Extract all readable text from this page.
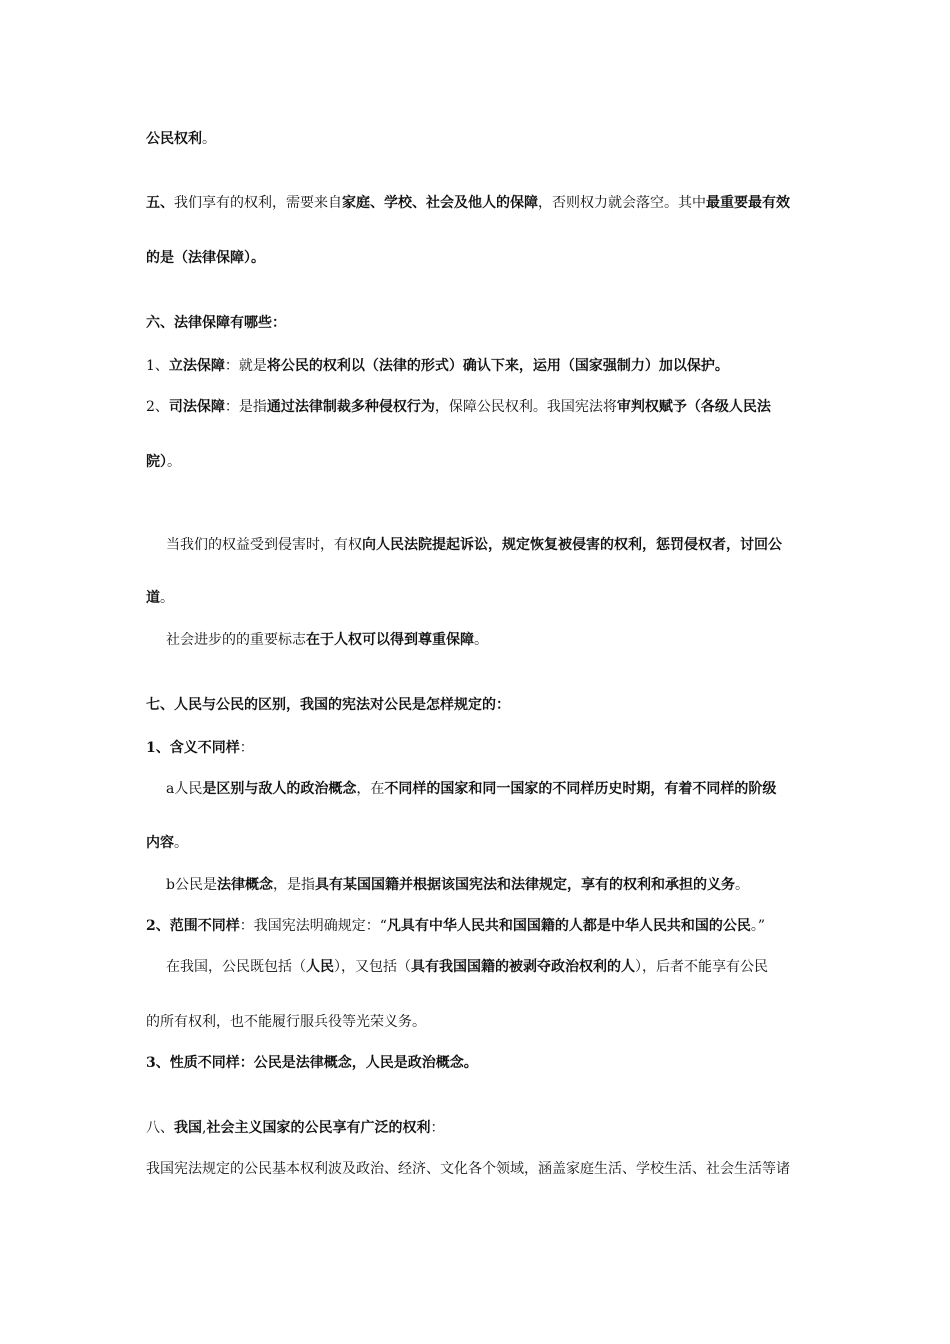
公民权利。
五、我们享有的权利，需要来自家庭、学校、社会及他人的保障，否则权力就会落空。其中最重要最有效
的是（法律保障）。
六、法律保障有哪些：
1、立法保障：就是将公民的权利以（法律的形式）确认下来，运用（国家强制力）加以保护。
2、司法保障：是指通过法律制裁多种侵权行为，保障公民权利。我国宪法将审判权赋予（各级人民法
院）。
当我们的权益受到侵害时，有权向人民法院提起诉讼，规定恢复被侵害的权利，惩罚侵权者，讨回公
道。
社会进步的的重要标志在于人权可以得到尊重保障。
七、人民与公民的区别，我国的宪法对公民是怎样规定的：
1、含义不同样：
a人民是区别与敌人的政治概念，在不同样的国家和同一国家的不同样历史时期，有着不同样的阶级
内容。
b公民是法律概念，是指具有某国国籍并根据该国宪法和法律规定，享有的权利和承担的义务。
2、范围不同样：我国宪法明确规定：“凡具有中华人民共和国国籍的人都是中华人民共和国的公民。”
在我国，公民既包括（人民），又包括（具有我国国籍的被剥夺政治权利的人），后者不能享有公民
的所有权利，也不能履行服兵役等光荣义务。
3、性质不同样：公民是法律概念，人民是政治概念。
八、我国,社会主义国家的公民享有广泛的权利：
我国宪法规定的公民基本权利波及政治、经济、文化各个领域，涵盖家庭生活、学校生活、社会生活等诸
